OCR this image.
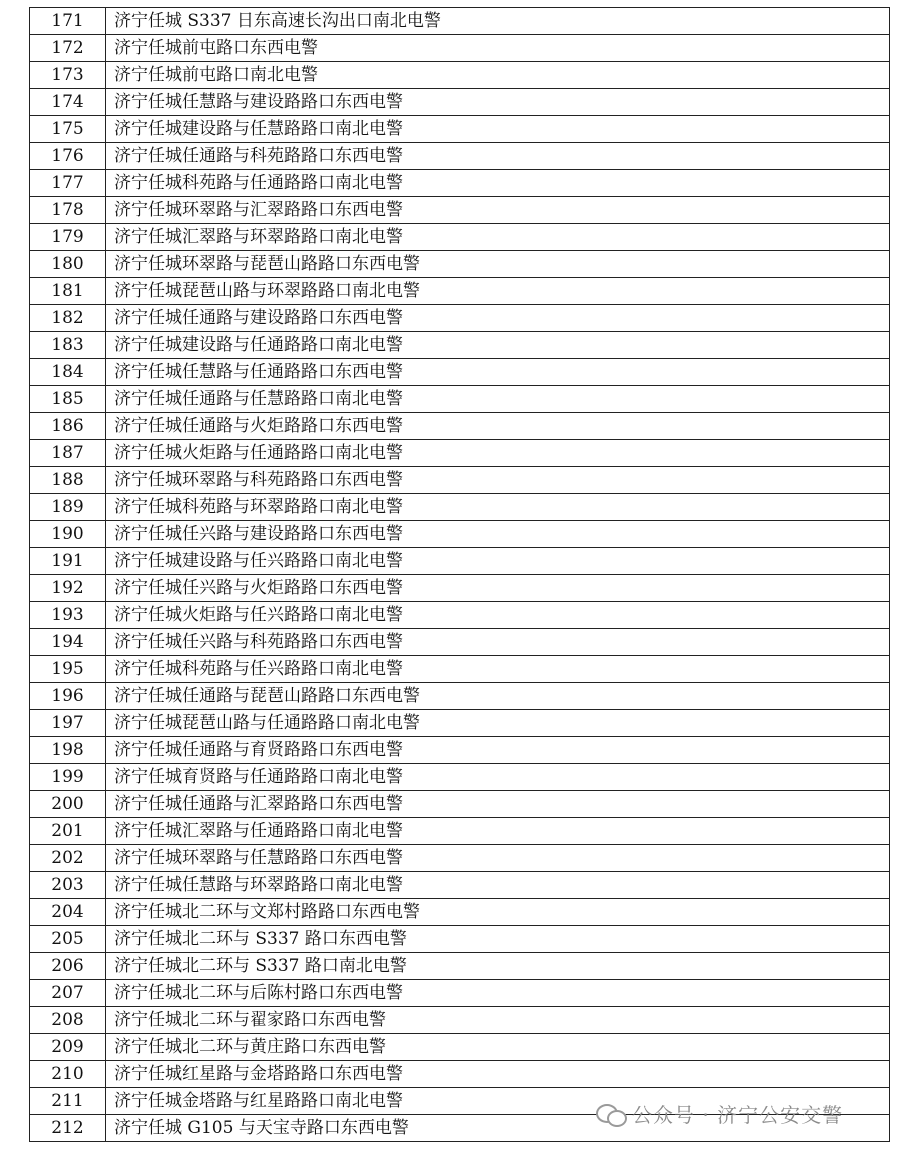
171	济宁任城 S337 日东高速长沟出口南北电警
172	济宁任城前屯路口东西电警
173	济宁任城前屯路口南北电警
174	济宁任城任慧路与建设路路口东西电警
175	济宁任城建设路与任慧路路口南北电警
176	济宁任城任通路与科苑路路口东西电警
177	济宁任城科苑路与任通路路口南北电警
178	济宁任城环翠路与汇翠路路口东西电警
179	济宁任城汇翠路与环翠路路口南北电警
180	济宁任城环翠路与琵琶山路路口东西电警
181	济宁任城琵琶山路与环翠路路口南北电警
182	济宁任城任通路与建设路路口东西电警
183	济宁任城建设路与任通路路口南北电警
184	济宁任城任慧路与任通路路口东西电警
185	济宁任城任通路与任慧路路口南北电警
186	济宁任城任通路与火炬路路口东西电警
187	济宁任城火炬路与任通路路口南北电警
188	济宁任城环翠路与科苑路路口东西电警
189	济宁任城科苑路与环翠路路口南北电警
190	济宁任城任兴路与建设路路口东西电警
191	济宁任城建设路与任兴路路口南北电警
192	济宁任城任兴路与火炬路路口东西电警
193	济宁任城火炬路与任兴路路口南北电警
194	济宁任城任兴路与科苑路路口东西电警
195	济宁任城科苑路与任兴路路口南北电警
196	济宁任城任通路与琵琶山路路口东西电警
197	济宁任城琵琶山路与任通路路口南北电警
198	济宁任城任通路与育贤路路口东西电警
199	济宁任城育贤路与任通路路口南北电警
200	济宁任城任通路与汇翠路路口东西电警
201	济宁任城汇翠路与任通路路口南北电警
202	济宁任城环翠路与任慧路路口东西电警
203	济宁任城任慧路与环翠路路口南北电警
204	济宁任城北二环与文郑村路路口东西电警
205	济宁任城北二环与 S337 路口东西电警
206	济宁任城北二环与 S337 路口南北电警
207	济宁任城北二环与后陈村路口东西电警
208	济宁任城北二环与翟家路口东西电警
209	济宁任城北二环与黄庄路口东西电警
210	济宁任城红星路与金塔路路口东西电警
211	济宁任城金塔路与红星路路口南北电警
212	济宁任城 G105 与天宝寺路口东西电警
公众号 · 济宁公安交警
